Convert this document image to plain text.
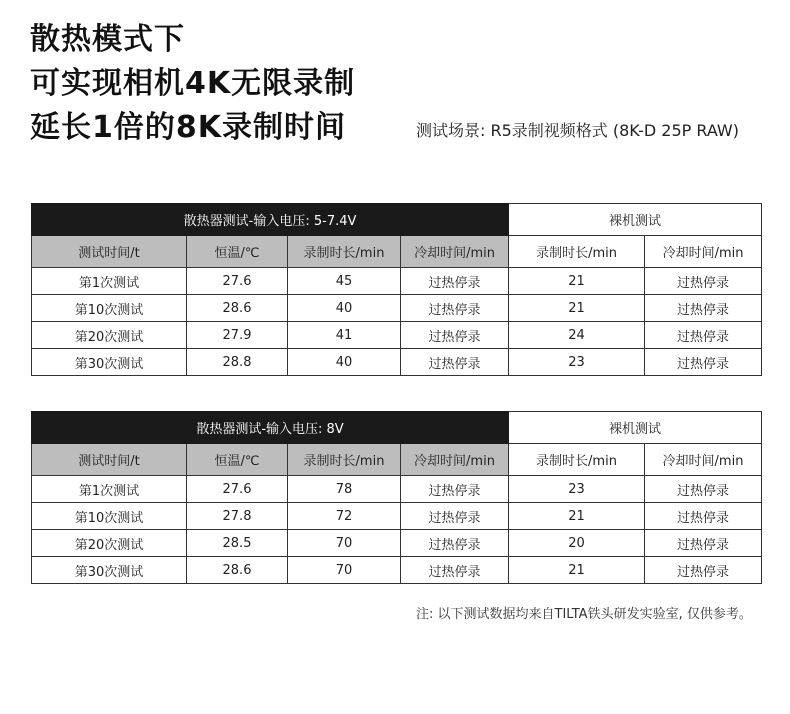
散热模式下
可实现相机4K无限录制
延长1倍的8K录制时间	测试场景: R5录制视频格式 (8K-D 25P RAW)
散热器测试-输入电压: 5-7.4V				裸机测试	
测试时间/t	恒温/℃	录制时长/min	冷却时间/min	录制时长/min	冷却时间/min
第1次测试	27.6	45	过热停录	21	过热停录
第10次测试	28.6	40	过热停录	21	过热停录
第20次测试	27.9	41	过热停录	24	过热停录
第30次测试	28.8	40	过热停录	23	过热停录
散热器测试-输入电压: 8V				裸机测试	
测试时间/t	恒温/℃	录制时长/min	冷却时间/min	录制时长/min	冷却时间/min
第1次测试	27.6	78	过热停录	23	过热停录
第10次测试	27.8	72	过热停录	21	过热停录
第20次测试	28.5	70	过热停录	20	过热停录
第30次测试	28.6	70	过热停录	21	过热停录
注: 以下测试数据均来自TILTA铁头研发实验室, 仅供参考。
